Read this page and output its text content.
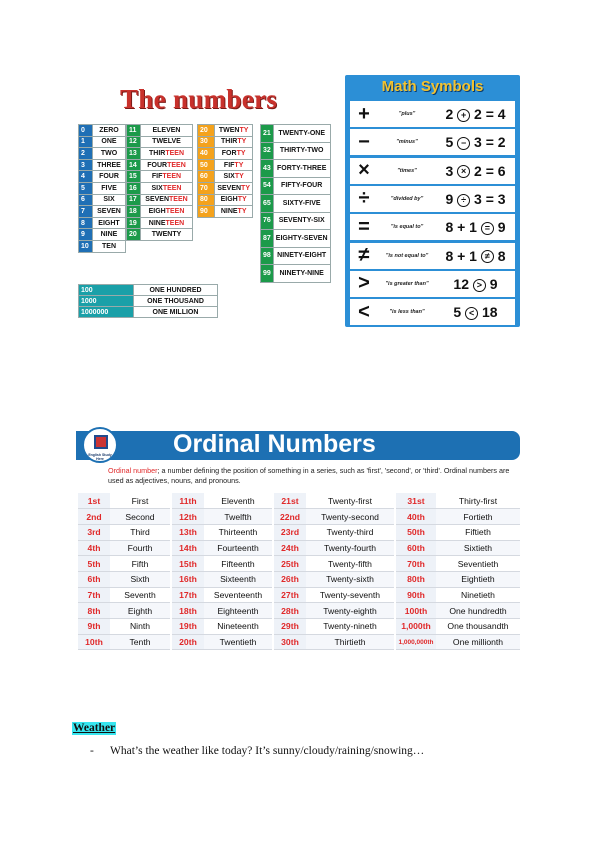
The numbers
0	ZERO
1	ONE
2	TWO
3	THREE
4	FOUR
5	FIVE
6	SIX
7	SEVEN
8	EIGHT
9	NINE
10	TEN
11	ELEVEN
12	TWELVE
13	THIRTEEN
14	FOURTEEN
15	FIFTEEN
16	SIXTEEN
17	SEVENTEEN
18	EIGHTEEN
19	NINETEEN
20	TWENTY
20	TWENTY
30	THIRTY
40	FORTY
50	FIFTY
60	SIXTY
70	SEVENTY
80	EIGHTY
90	NINETY
21	TWENTY-ONE
32	THIRTY-TWO
43	FORTY-THREE
54	FIFTY-FOUR
65	SIXTY-FIVE
76	SEVENTY-SIX
87	EIGHTY-SEVEN
98	NINETY-EIGHT
99	NINETY-NINE
100	ONE HUNDRED
1000	ONE THOUSAND
1000000	ONE MILLION
Math Symbols
+	"plus"	2 + 2 = 4
−	"minus"	5 − 3 = 2
×	"times"	3 × 2 = 6
÷	"divided by"	9 ÷ 3 = 3
=	"is equal to"	8 + 1 = 9
≠	"is not equal to"	8 + 1 ≠ 8
>	"is greater than"	12 > 9
<	"is less than"	5 < 18
Ordinal Numbers
English Study Here
Ordinal number; a number defining the position of something in a series, such as 'first', 'second', or 'third'. Ordinal numbers are used as adjectives, nouns, and pronouns.
1st	First
2nd	Second
3rd	Third
4th	Fourth
5th	Fifth
6th	Sixth
7th	Seventh
8th	Eighth
9th	Ninth
10th	Tenth
11th	Eleventh
12th	Twelfth
13th	Thirteenth
14th	Fourteenth
15th	Fifteenth
16th	Sixteenth
17th	Seventeenth
18th	Eighteenth
19th	Nineteenth
20th	Twentieth
21st	Twenty-first
22nd	Twenty-second
23rd	Twenty-third
24th	Twenty-fourth
25th	Twenty-fifth
26th	Twenty-sixth
27th	Twenty-seventh
28th	Twenty-eighth
29th	Twenty-nineth
30th	Thirtieth
31st	Thirty-first
40th	Fortieth
50th	Fiftieth
60th	Sixtieth
70th	Seventieth
80th	Eightieth
90th	Ninetieth
100th	One hundredth
1,000th	One thousandth
1,000,000th	One millionth
Weather
- What’s the weather like today? It’s sunny/cloudy/raining/snowing…
